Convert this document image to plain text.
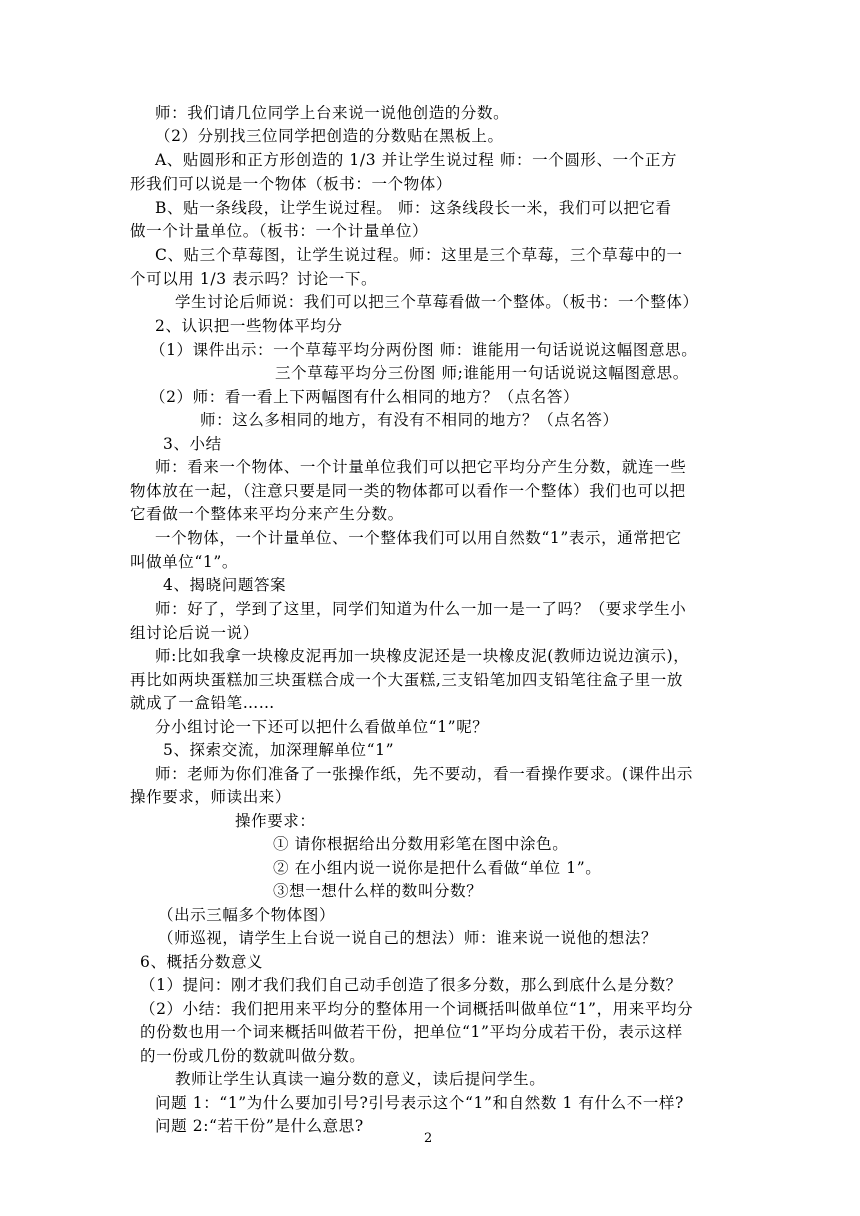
师：我们请几位同学上台来说一说他创造的分数。
（2）分别找三位同学把创造的分数贴在黑板上。
A、贴圆形和正方形创造的 1/3 并让学生说过程 师：一个圆形、一个正方
形我们可以说是一个物体（板书：一个物体）
B、贴一条线段，让学生说过程。 师：这条线段长一米，我们可以把它看
做一个计量单位。（板书：一个计量单位）
C、贴三个草莓图，让学生说过程。师：这里是三个草莓，三个草莓中的一
个可以用 1/3 表示吗？讨论一下。
学生讨论后师说：我们可以把三个草莓看做一个整体。（板书：一个整体）
2、认识把一些物体平均分
（1）课件出示：一个草莓平均分两份图 师：谁能用一句话说说这幅图意思。
三个草莓平均分三份图 师;谁能用一句话说说这幅图意思。
（2）师：看一看上下两幅图有什么相同的地方？（点名答）
师：这么多相同的地方，有没有不相同的地方？（点名答）
3、小结
师：看来一个物体、一个计量单位我们可以把它平均分产生分数，就连一些
物体放在一起，（注意只要是同一类的物体都可以看作一个整体）我们也可以把
它看做一个整体来平均分来产生分数。
一个物体，一个计量单位、一个整体我们可以用自然数“1”表示，通常把它
叫做单位“1”。
4、揭晓问题答案
师：好了，学到了这里，同学们知道为什么一加一是一了吗？（要求学生小
组讨论后说一说）
师:比如我拿一块橡皮泥再加一块橡皮泥还是一块橡皮泥(教师边说边演示)，
再比如两块蛋糕加三块蛋糕合成一个大蛋糕,三支铅笔加四支铅笔往盒子里一放
就成了一盒铅笔……
分小组讨论一下还可以把什么看做单位“1”呢？
5、探索交流，加深理解单位“1”
师：老师为你们准备了一张操作纸，先不要动，看一看操作要求。(课件出示
操作要求，师读出来）
操作要求：
① 请你根据给出分数用彩笔在图中涂色。
② 在小组内说一说你是把什么看做“单位 1”。
③想一想什么样的数叫分数？
（出示三幅多个物体图）
（师巡视，请学生上台说一说自己的想法）师：谁来说一说他的想法？
6、概括分数意义
（1）提问：刚才我们我们自己动手创造了很多分数，那么到底什么是分数？
（2）小结：我们把用来平均分的整体用一个词概括叫做单位“1”，用来平均分
的份数也用一个词来概括叫做若干份，把单位“1”平均分成若干份，表示这样
的一份或几份的数就叫做分数。
教师让学生认真读一遍分数的意义，读后提问学生。
问题 1：“1”为什么要加引号?引号表示这个“1”和自然数 1 有什么不一样?
问题 2:“若干份”是什么意思?
2
